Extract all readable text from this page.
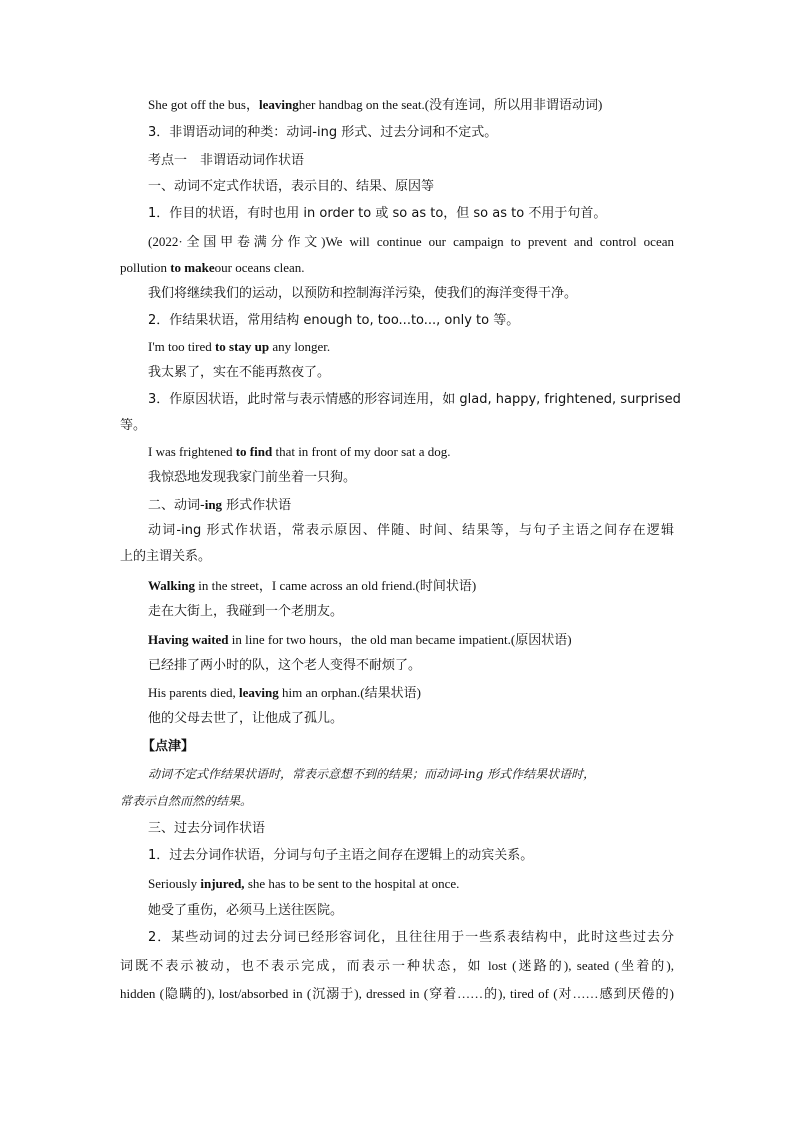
She got off the bus，leavingher handbag on the seat.(没有连词，所以用非谓语动词)
3．非谓语动词的种类：动词-ing 形式、过去分词和不定式。
考点一　非谓语动词作状语
一、动词不定式作状语，表示目的、结果、原因等
1．作目的状语，有时也用 in order to 或 so as to，但 so as to 不用于句首。
(2022·全国甲卷满分作文)We will continue our campaign to prevent and control ocean
pollution to makeour oceans clean.
我们将继续我们的运动，以预防和控制海洋污染，使我们的海洋变得干净。
2．作结果状语，常用结构 enough to, too...to..., only to 等。
I'm too tired to stay up any longer.
我太累了，实在不能再熬夜了。
3．作原因状语，此时常与表示情感的形容词连用，如 glad, happy, frightened, surprised
等。
I was frightened to find that in front of my door sat a dog.
我惊恐地发现我家门前坐着一只狗。
二、动词-ing 形式作状语
动词-ing 形式作状语，常表示原因、伴随、时间、结果等，与句子主语之间存在逻辑
上的主谓关系。
Walking in the street，I came across an old friend.(时间状语)
走在大街上，我碰到一个老朋友。
Having waited in line for two hours，the old man became impatient.(原因状语)
已经排了两小时的队，这个老人变得不耐烦了。
His parents died, leaving him an orphan.(结果状语)
他的父母去世了，让他成了孤儿。
【点津】
动词不定式作结果状语时，常表示意想不到的结果；而动词-ing 形式作结果状语时，
常表示自然而然的结果。
三、过去分词作状语
1．过去分词作状语，分词与句子主语之间存在逻辑上的动宾关系。
Seriously injured, she has to be sent to the hospital at once.
她受了重伤，必须马上送往医院。
2．某些动词的过去分词已经形容词化，且往往用于一些系表结构中，此时这些过去分
词既不表示被动，也不表示完成，而表示一种状态，如 lost (迷路的), seated (坐着的),
hidden (隐瞒的), lost/absorbed in (沉溺于), dressed in (穿着……的), tired of (对……感到厌倦的)
